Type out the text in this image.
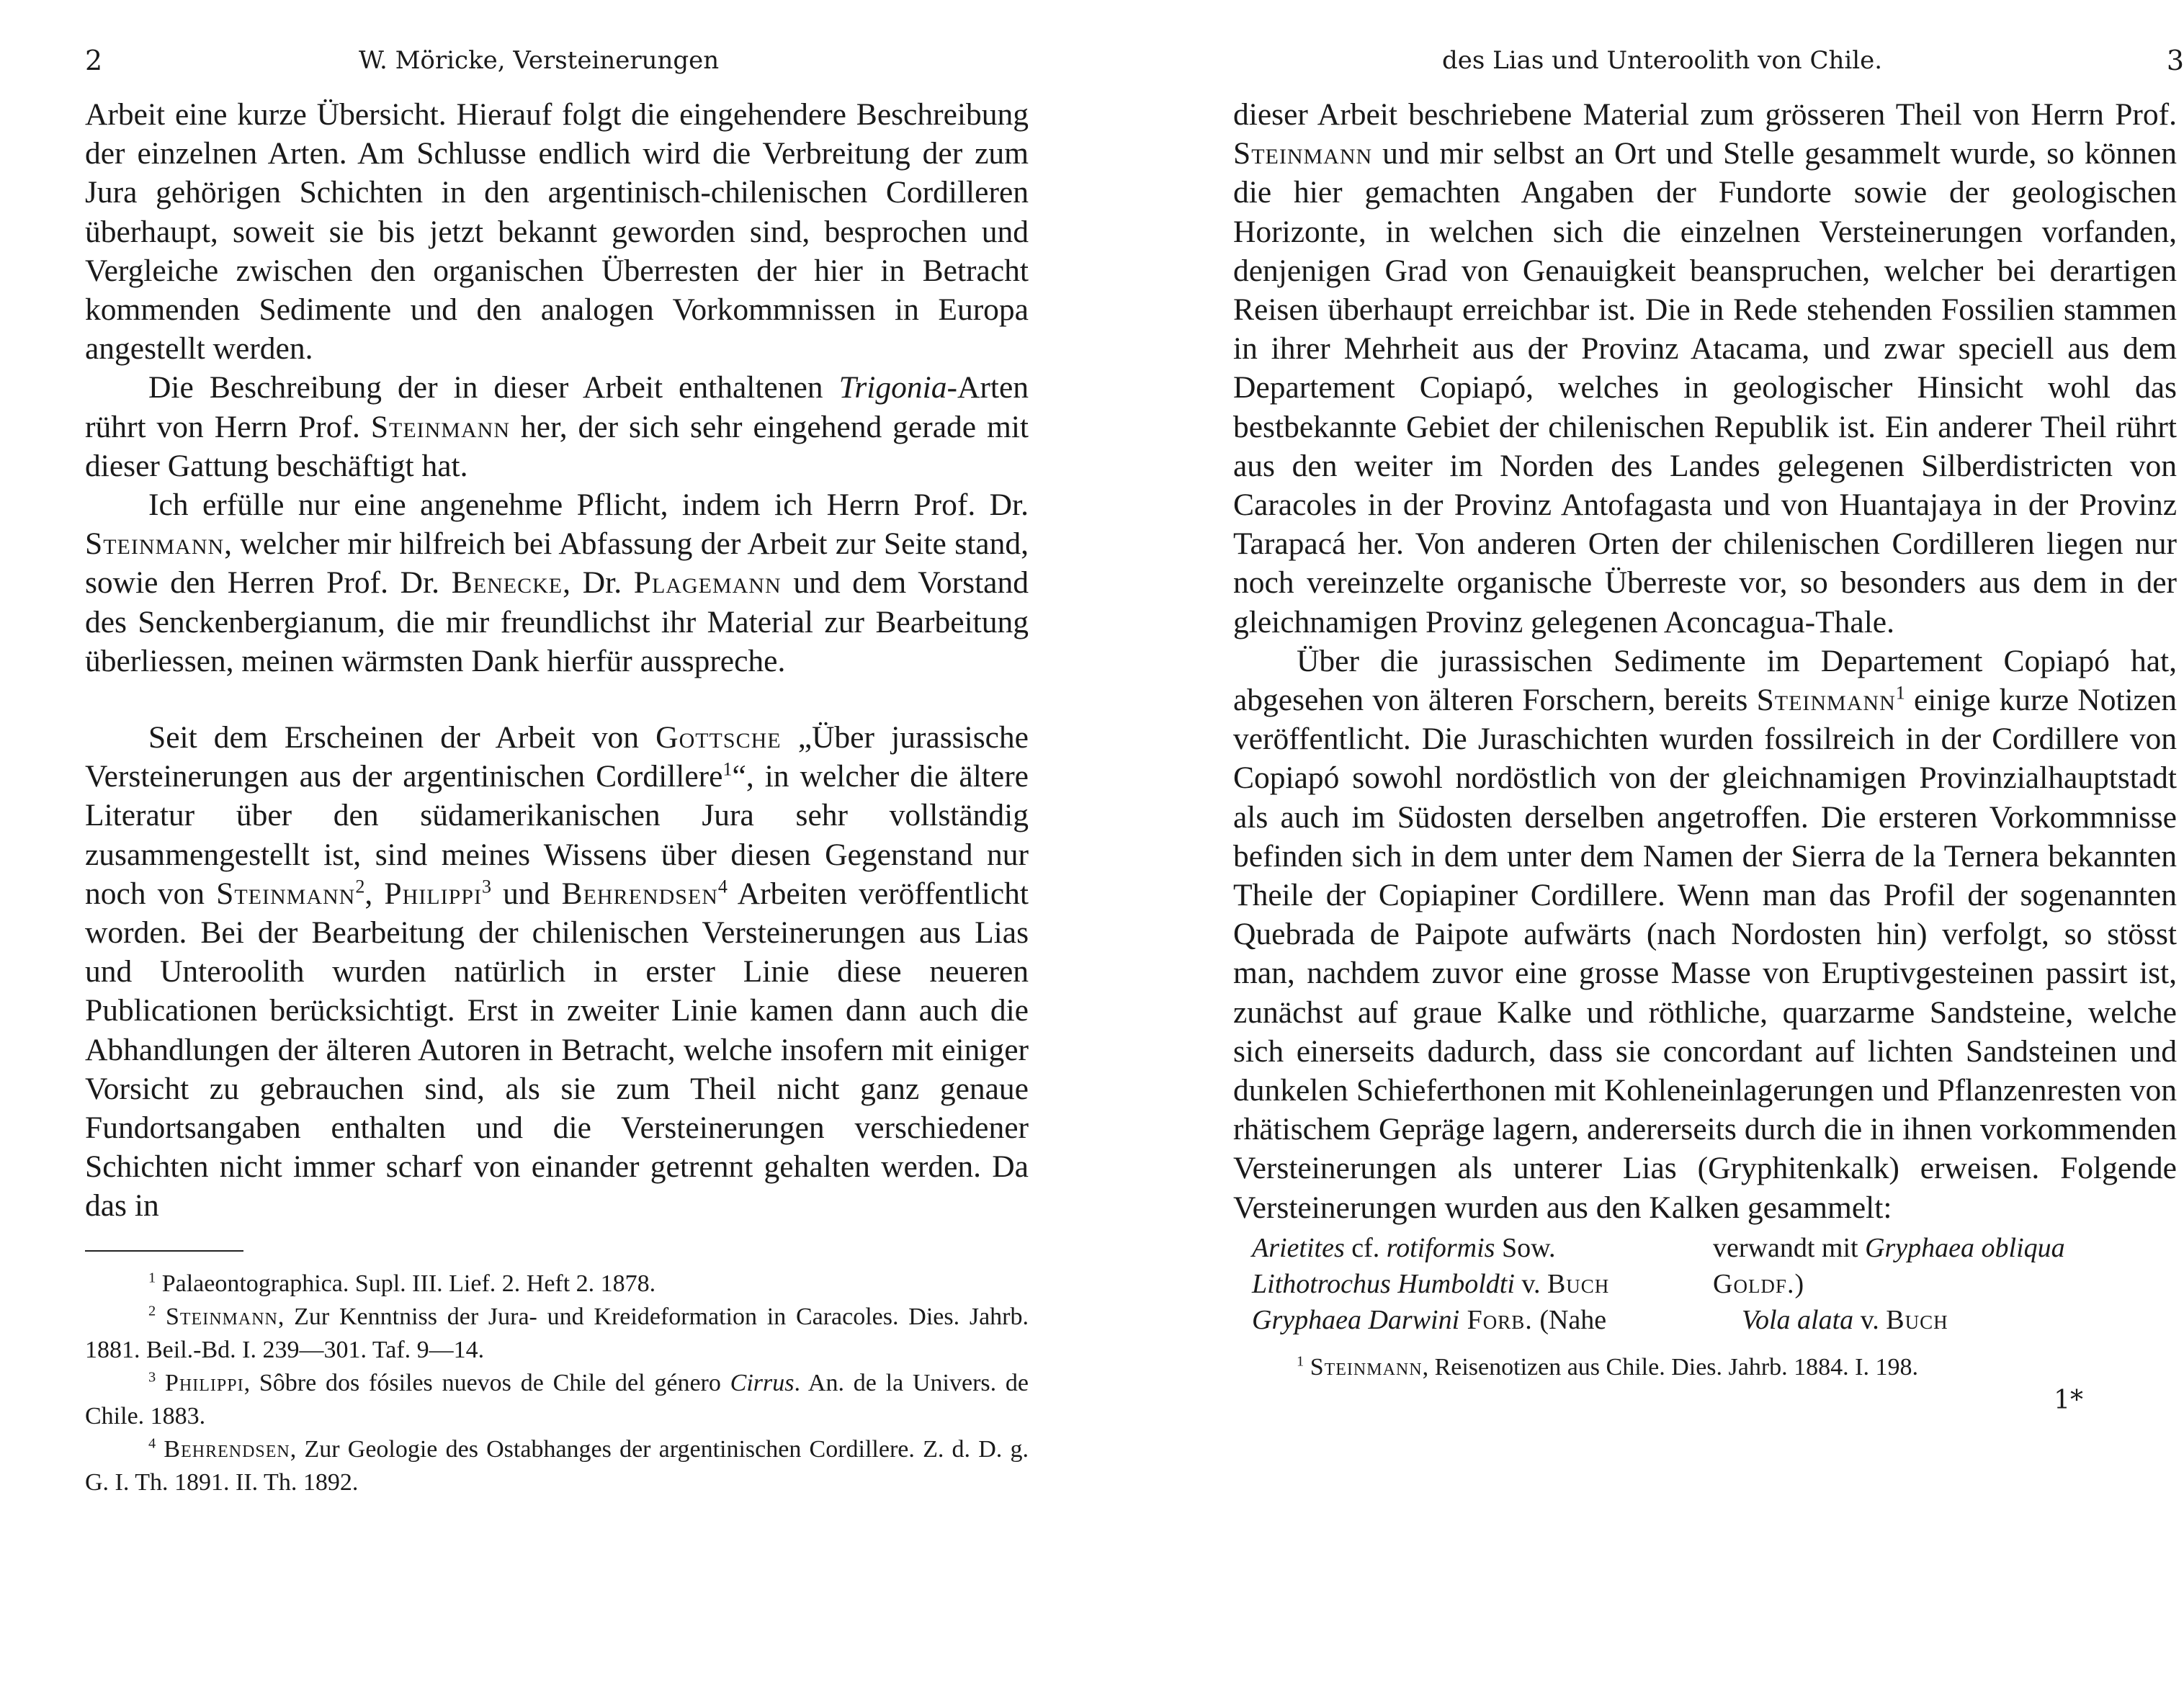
2	W. Möricke, Versteinerungen

Arbeit eine kurze Übersicht. Hierauf folgt die eingehendere Beschreibung der einzelnen Arten. Am Schlusse endlich wird die Verbreitung der zum Jura gehörigen Schichten in den argentinisch-chilenischen Cordilleren überhaupt, soweit sie bis jetzt bekannt geworden sind, besprochen und Vergleiche zwischen den organischen Überresten der hier in Betracht kommenden Sedimente und den analogen Vorkommnissen in Europa angestellt werden.

Die Beschreibung der in dieser Arbeit enthaltenen Trigonia-Arten rührt von Herrn Prof. Steinmann her, der sich sehr eingehend gerade mit dieser Gattung beschäftigt hat.

Ich erfülle nur eine angenehme Pflicht, indem ich Herrn Prof. Dr. Steinmann, welcher mir hilfreich bei Abfassung der Arbeit zur Seite stand, sowie den Herren Prof. Dr. Benecke, Dr. Plagemann und dem Vorstand des Senckenbergianum, die mir freundlichst ihr Material zur Bearbeitung überliessen, meinen wärmsten Dank hierfür ausspreche.

Seit dem Erscheinen der Arbeit von Gottsche „Über jurassische Versteinerungen aus der argentinischen Cordillere$^1$“, in welcher die ältere Literatur über den südamerikanischen Jura sehr vollständig zusammengestellt ist, sind meines Wissens über diesen Gegenstand nur noch von Steinmann$^2$, Philippi$^3$ und Behrendsen$^4$ Arbeiten veröffentlicht worden. Bei der Bearbeitung der chilenischen Versteinerungen aus Lias und Unteroolith wurden natürlich in erster Linie diese neueren Publicationen berücksichtigt. Erst in zweiter Linie kamen dann auch die Abhandlungen der älteren Autoren in Betracht, welche insofern mit einiger Vorsicht zu gebrauchen sind, als sie zum Theil nicht ganz genaue Fundortsangaben enthalten und die Versteinerungen verschiedener Schichten nicht immer scharf von einander getrennt gehalten werden. Da das in

$^1$ Palaeontographica. Supl. III. Lief. 2. Heft 2. 1878.

$^2$ Steinmann, Zur Kenntniss der Jura- und Kreideformation in Caracoles. Dies. Jahrb. 1881. Beil.-Bd. I. 239—301. Taf. 9—14.

$^3$ Philippi, Sôbre dos fósiles nuevos de Chile del género Cirrus. An. de la Univers. de Chile. 1883.

$^4$ Behrendsen, Zur Geologie des Ostabhanges der argentinischen Cordillere. Z. d. D. g. G. I. Th. 1891. II. Th. 1892.

des Lias und Unteroolith von Chile.	3

dieser Arbeit beschriebene Material zum grösseren Theil von Herrn Prof. Steinmann und mir selbst an Ort und Stelle gesammelt wurde, so können die hier gemachten Angaben der Fundorte sowie der geologischen Horizonte, in welchen sich die einzelnen Versteinerungen vorfanden, denjenigen Grad von Genauigkeit beanspruchen, welcher bei derartigen Reisen überhaupt erreichbar ist. Die in Rede stehenden Fossilien stammen in ihrer Mehrheit aus der Provinz Atacama, und zwar speciell aus dem Departement Copiapó, welches in geologischer Hinsicht wohl das bestbekannte Gebiet der chilenischen Republik ist. Ein anderer Theil rührt aus den weiter im Norden des Landes gelegenen Silberdistricten von Caracoles in der Provinz Antofagasta und von Huantajaya in der Provinz Tarapacá her. Von anderen Orten der chilenischen Cordilleren liegen nur noch vereinzelte organische Überreste vor, so besonders aus dem in der gleichnamigen Provinz gelegenen Aconcagua-Thale.

Über die jurassischen Sedimente im Departement Copiapó hat, abgesehen von älteren Forschern, bereits Steinmann$^1$ einige kurze Notizen veröffentlicht. Die Juraschichten wurden fossilreich in der Cordillere von Copiapó sowohl nordöstlich von der gleichnamigen Provinzialhauptstadt als auch im Südosten derselben angetroffen. Die ersteren Vorkommnisse befinden sich in dem unter dem Namen der Sierra de la Ternera bekannten Theile der Copiapiner Cordillere. Wenn man das Profil der sogenannten Quebrada de Paipote aufwärts (nach Nordosten hin) verfolgt, so stösst man, nachdem zuvor eine grosse Masse von Eruptivgesteinen passirt ist, zunächst auf graue Kalke und röthliche, quarzarme Sandsteine, welche sich einerseits dadurch, dass sie concordant auf lichten Sandsteinen und dunkelen Schieferthonen mit Kohleneinlagerungen und Pflanzenresten von rhätischem Gepräge lagern, andererseits durch die in ihnen vorkommenden Versteinerungen als unterer Lias (Gryphitenkalk) erweisen. Folgende Versteinerungen wurden aus den Kalken gesammelt:

Arietites cf. rotiformis Sow.

Lithotrochus Humboldti v. Buch

Gryphaea Darwini Forb. (Nahe

verwandt mit Gryphaea obliqua

Goldf.)

Vola alata v. Buch

$^1$ Steinmann, Reisenotizen aus Chile. Dies. Jahrb. 1884. I. 198.

1*
